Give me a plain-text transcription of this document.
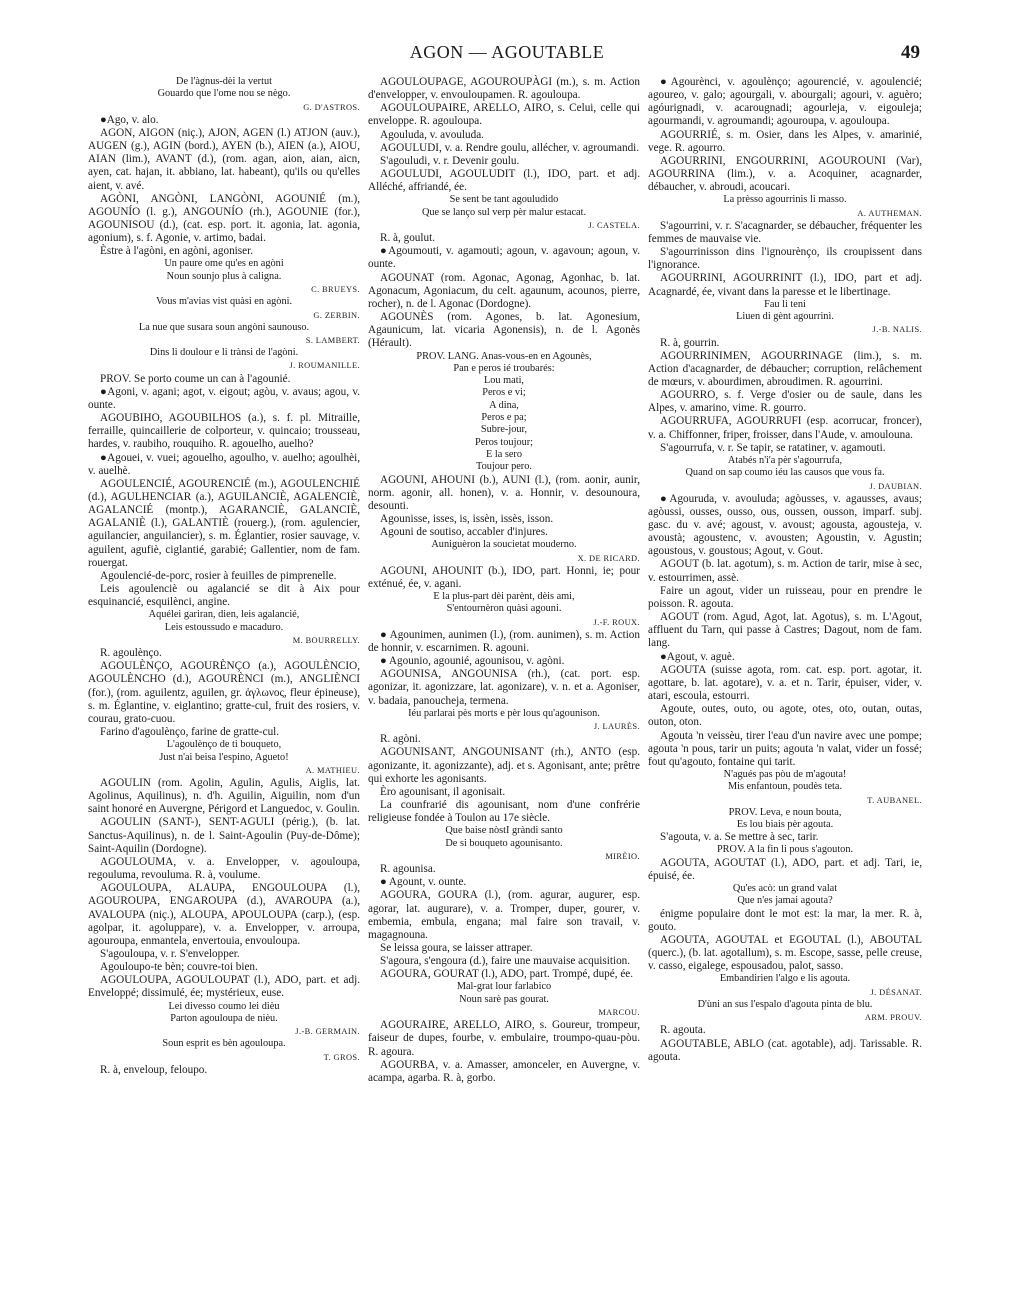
AGON — AGOUTABLE	49

De l'àgnus-dèi la vertut

Gouardo que l'ome nou se nègo.

G. D'ASTROS.

●Ago, v. alo.

AGON, AIGON (niç.), AJON, AGEN (l.) ATJON (auv.), AUGEN (g.), AGIN (bord.), AYEN (b.), AIEN (a.), AIOU, AIAN (lim.), AVANT (d.), (rom. agan, aion, aian, aicn, ayen, cat. hajan, it. abbiano, lat. habeant), qu'ils ou qu'elles aient, v. avé.

AGÒNI, ANGÒNI, LANGÒNI, AGOUNIÉ (m.), AGOUNÍO (l. g.), ANGOUNÍO (rh.), AGOUNIE (for.), AGOUNISOU (d.), (cat. esp. port. it. agonia, lat. agonia, agonium), s. f. Agonie, v. artimo, badai.

Èstre à l'agòni, en agòni, agoniser.

Un paure ome qu'es en agòni

Noun sounjo plus à caligna.

C. BRUEYS.

Vous m'avias vist quàsi en agòni.

G. ZERBIN.

La nue que susara soun angòni saunouso.

S. LAMBERT.

Dins li doulour e li trànsi de l'agòni.

J. ROUMANILLE.

PROV. Se porto coume un can à l'agounié.

●Agoni, v. agani; agot, v. eigout; agòu, v. avaus; agou, v. ounte.

AGOUBIHO, AGOUBILHOS (a.), s. f. pl. Mitraille, ferraille, quincaillerie de colporteur, v. quincaio; trousseau, hardes, v. raubiho, rouquiho. R. agouelho, auelho?

●Agouei, v. vuei; agouelho, agoulho, v. auelho; agoulhèi, v. auelhè.

AGOULENCIÉ, AGOURENCIÉ (m.), AGOULENCHIÉ (d.), AGULHENCIAR (a.), AGUILANCIÈ, AGALENCIÈ, AGALANCIÉ (montp.), AGARANCIÈ, GALANCIÈ, AGALANIÈ (l.), GALANTIÈ (rouerg.), (rom. agulencier, aguilancier, anguilancier), s. m. Églantier, rosier sauvage, v. aguilent, agufiè, ciglantié, garabié; Gallentier, nom de fam. rouergat.

Agoulencié-de-porc, rosier à feuilles de pimprenelle.

Leis agoulenciè ou agalancié se dit à Aix pour esquinancié, esquilènci, angine.

Aquélei gariran, dien, leis agalancié,

Leis estoussudo e macaduro.

M. BOURRELLY.

R. agoulènço.

AGOULÈNÇO, AGOURÈNÇO (a.), AGOULÈNCIO, AGOULÈNCHO (d.), AGOURÈNCI (m.), ANGLIÈNCI (for.), (rom. aguilentz, aguilen, gr. ἀγλωνος, fleur épineuse), s. m. Églantine, v. eiglantino; gratte-cul, fruit des rosiers, v. courau, grato-cuou.

Farino d'agoulènço, farine de gratte-cul.

L'agoulènço de ti bouqueto,

Just n'ai beisa l'espino, Agueto!

A. MATHIEU.

AGOULIN (rom. Agolin, Agulin, Agulis, Aiglis, lat. Agolinus, Aquilinus), n. d'h. Aguilin, Aiguilin, nom d'un saint honoré en Auvergne, Périgord et Languedoc, v. Goulin.

AGOULIN (SANT-), SENT-AGULI (périg.), (b. lat. Sanctus-Aquilinus), n. de l. Saint-Agoulin (Puy-de-Dôme); Saint-Aquilin (Dordogne).

AGOULOUMA, v. a. Envelopper, v. agouloupa, regouluma, revouluma. R. à, voulume.

AGOULOUPA, ALAUPA, ENGOULOUPA (l.), AGOUROUPA, ENGAROUPA (d.), AVAROUPA (a.), AVALOUPA (niç.), ALOUPA, APOULOUPA (carp.), (esp. agolpar, it. agoluppare), v. a. Envelopper, v. arroupa, agouroupa, enmantela, envertouia, envouloupa.

S'agouloupa, v. r. S'envelopper.

Agouloupo-te bèn; couvre-toi bien.

AGOULOUPA, AGOULOUPAT (l.), ADO, part. et adj. Enveloppé; dissimulé, ée; mystérieux, euse.

Lei divesso coumo lei dièu

Parton agouloupa de nièu.

J.-B. GERMAIN.

Soun esprit es bèn agouloupa.

T. GROS.

R. à, enveloup, feloupo.

AGOULOUPAGE, AGOUROUPÀGI (m.), s. m. Action d'envelopper, v. envouloupamen. R. agouloupa.

AGOULOUPAIRE, ARELLO, AIRO, s. Celui, celle qui enveloppe. R. agouloupa.

Agouluda, v. avouluda.

AGOULUDI, v. a. Rendre goulu, allécher, v. agroumandi.

S'agouludi, v. r. Devenir goulu.

AGOULUDI, AGOULUDIT (l.), IDO, part. et adj. Alléché, affriandé, ée.

Se sent be tant agouludido

Que se lanço sul verp pèr malur estacat.

J. CASTELA.

R. à, goulut.

●Agoumouti, v. agamouti; agoun, v. agavoun; agoun, v. ounte.

AGOUNAT (rom. Agonac, Agonag, Agonhac, b. lat. Agonacum, Agoniacum, du celt. agaunum, acounos, pierre, rocher), n. de l. Agonac (Dordogne).

AGOUNÈS (rom. Agones, b. lat. Agonesium, Agaunicum, lat. vicaria Agonensis), n. de l. Agonès (Hérault).

PROV. LANG. Anas-vous-en en Agounès,

Pan e peros ié troubarés:

Lou mati,

Peros e vi;

A dina,

Peros e pa;

Subre-jour,

Peros toujour;

E la sero

Toujour pero.

AGOUNI, AHOUNI (b.), AUNI (l.), (rom. aonir, aunir, norm. agonir, all. honen), v. a. Honnir, v. desounoura, desounti.

Agounisse, isses, is, issèn, issès, isson.

Agouni de soutiso, accabler d'injures.

Auniguèron la soucietat mouderno.

X. DE RICARD.

AGOUNI, AHOUNIT (b.), IDO, part. Honni, ie; pour exténué, ée, v. agani.

E la plus-part dèi parènt, dèis ami,

S'entournèron quàsi agouni.

J.-F. ROUX.

● Agounimen, aunimen (l.), (rom. aunimen), s. m. Action de honnir, v. escarnimen. R. agouni.

● Agounio, agounié, agounisou, v. agòni.

AGOUNISA, ANGOUNISA (rh.), (cat. port. esp. agonizar, it. agonizzare, lat. agonizare), v. n. et a. Agoniser, v. badaia, panoucheja, termena.

Iéu parlarai pès morts e pèr lous qu'agounison.

J. LAURÈS.

R. agòni.

AGOUNISANT, ANGOUNISANT (rh.), ANTO (esp. agonizante, it. agonizzante), adj. et s. Agonisant, ante; prêtre qui exhorte les agonisants.

Èro agounisant, il agonisait.

La counfrarié dis agounisant, nom d'une confrérie religieuse fondée à Toulon au 17e siècle.

Que baise nòstI gràndi santo

De si bouqueto agounisanto.

MIRÈIO.

R. agounisa.

● Agount, v. ounte.

AGOURA, GOURA (l.), (rom. agurar, augurer, esp. agorar, lat. augurare), v. a. Tromper, duper, gourer, v. embemia, embula, engana; mal faire son travail, v. magagnouna.

Se leissa goura, se laisser attraper.

S'agoura, s'engoura (d.), faire une mauvaise acquisition.

AGOURA, GOURAT (l.), ADO, part. Trompé, dupé, ée.

Mal-grat lour farlabico

Noun sarè pas gourat.

MARCOU.

AGOURAIRE, ARELLO, AIRO, s. Goureur, trompeur, faiseur de dupes, fourbe, v. embulaire, troumpo-quau-pòu. R. agoura.

AGOURBA, v. a. Amasser, amonceler, en Auvergne, v. acampa, agarba. R. à, gorbo.

●Agourènci, v. agoulènço; agourencié, v. agoulencié; agoureo, v. galo; agourgali, v. abourgali; agouri, v. aguèro; agóurignadi, v. acarougnadi; agourleja, v. eigouleja; agourmandi, v. agroumandi; agouroupa, v. agouloupa.

AGOURRIÉ, s. m. Osier, dans les Alpes, v. amarinié, vege. R. agourro.

AGOURRINI, ENGOURRINI, AGOUROUNI (Var), AGOURRINA (lim.), v. a. Acoquiner, acagnarder, débaucher, v. abroudi, acoucari.

La prèsso agourrinis li masso.

A. AUTHEMAN.

S'agourrini, v. r. S'acagnarder, se débaucher, fréquenter les femmes de mauvaise vie.

S'agourrinisson dins l'ignourènço, ils croupissent dans l'ignorance.

AGOURRINI, AGOURRINIT (l.), IDO, part et adj. Acagnardé, ée, vivant dans la paresse et le libertinage.

Fau li teni

Liuen di gènt agourrinì.

J.-B. NALIS.

R. à, gourrin.

AGOURRINIMEN, AGOURRINAGE (lim.), s. m. Action d'acagnarder, de débaucher; corruption, relâchement de mœurs, v. abourdimen, abroudimen. R. agourrini.

AGOURRO, s. f. Verge d'osier ou de saule, dans les Alpes, v. amarino, vime. R. gourro.

AGOURRUFA, AGOURRUFI (esp. acorrucar, froncer), v. a. Chiffonner, friper, froisser, dans l'Aude, v. amoulouna.

S'agourrufa, v. r. Se tapir, se ratatiner, v. agamouti.

Atabés n'i'a pèr s'agourrufa,

Quand on sap coumo iéu las causos que vous fa.

J. DAUBIAN.

●Agouruda, v. avouluda; agòusses, v. agausses, avaus; agòussi, ousses, ousso, ous, oussen, ousson, imparf. subj. gasc. du v. avé; agoust, v. avoust; agousta, agousteja, v. avoustà; agoustenc, v. avousten; Agoustin, v. Agustin; agoustous, v. goustous; Agout, v. Gout.

AGOUT (b. lat. agotum), s. m. Action de tarir, mise à sec, v. estourrimen, assè.

Faire un agout, vider un ruisseau, pour en prendre le poisson. R. agouta.

AGOUT (rom. Agud, Agot, lat. Agotus), s. m. L'Agout, affluent du Tarn, qui passe à Castres; Dagout, nom de fam. lang.

●Agout, v. aguè.

AGOUTA (suisse agota, rom. cat. esp. port. agotar, it. agottare, b. lat. agotare), v. a. et n. Tarir, épuiser, vider, v. atari, escoula, estourri.

Agoute, outes, outo, ou agote, otes, oto, outan, outas, outon, oton.

Agouta 'n veissèu, tirer l'eau d'un navire avec une pompe; agouta 'n pous, tarir un puits; agouta 'n valat, vider un fossé; fout qu'agouto, fontaine qui tarit.

N'agués pas pòu de m'agouta!

Mis enfantoun, poudès teta.

T. AUBANEL.

PROV. Leva, e noun bouta,

Es lou biais pèr agouta.

S'agouta, v. a. Se mettre à sec, tarir.

PROV. A la fin li pous s'agouton.

AGOUTA, AGOUTAT (l.), ADO, part. et adj. Tari, ie, épuisé, ée.

Qu'es acò: un grand valat

Que n'es jamai agouta?

énigme populaire dont le mot est: la mar, la mer. R. à, gouto.

AGOUTA, AGOUTAL et EGOUTAL (l.), ABOUTAL (querc.), (b. lat. agotallum), s. m. Escope, sasse, pelle creuse, v. casso, eigalege, espousadou, palot, sasso.

Embandirien l'algo e lis agouta.

J. DÉSANAT.

D'ùni an sus l'espalo d'agouta pinta de blu.

ARM. PROUV.

R. agouta.

AGOUTABLE, ABLO (cat. agotable), adj. Tarissable. R. agouta.
